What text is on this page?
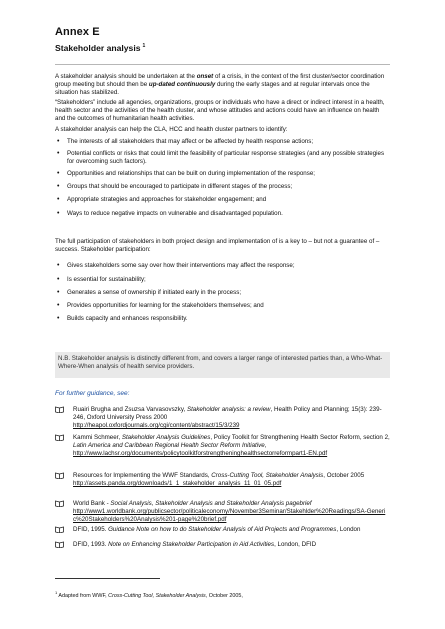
Annex E
Stakeholder analysis $^1$

A stakeholder analysis should be undertaken at the onset of a crisis, in the context of the first cluster/sector coordination group meeting but should then be up-dated continuously during the early stages and at regular intervals once the situation has stabilized.

“Stakeholders” include all agencies, organizations, groups or individuals who have a direct or indirect interest in a health, health sector and the activities of the health cluster, and whose attitudes and actions could have an influence on health and the outcomes of humanitarian health activities.

A stakeholder analysis can help the CLA, HCC and health cluster partners to identify:

• The interests of all stakeholders that may affect or be affected by health response actions;
• Potential conflicts or risks that could limit the feasibility of particular response strategies (and any possible strategies for overcoming such factors).
• Opportunities and relationships that can be built on during implementation of the response;
• Groups that should be encouraged to participate in different stages of the process;
• Appropriate strategies and approaches for stakeholder engagement; and
• Ways to reduce negative impacts on vulnerable and disadvantaged population.

The full participation of stakeholders in both project design and implementation of is a key to – but not a guarantee of – success. Stakeholder participation:

• Gives stakeholders some say over how their interventions may affect the response;
• Is essential for sustainability;
• Generates a sense of ownership if initiated early in the process;
• Provides opportunities for learning for the stakeholders themselves; and
• Builds capacity and enhances responsibility.
N.B. Stakeholder analysis is distinctly different from, and covers a larger range of interested parties than, a Who-What-Where-When analysis of health service providers.
For further guidance, see:
Ruairi Brugha and Zsuzsa Varvasovszky, Stakeholder analysis: a review, Health Policy and Planning; 15(3): 239-246, Oxford University Press 2000
http://heapol.oxfordjournals.org/cgi/content/abstract/15/3/239
Kammi Schmeer, Stakeholder Analysis Guidelines, Policy Toolkit for Strengthening Health Sector Reform, section 2, Latin America and Caribbean Regional Health Sector Reform Initiative,
http://www.lachsr.org/documents/policytoolkitforstrengtheninghealthsectorreformpart1-EN.pdf
Resources for Implementing the WWF Standards, Cross-Cutting Tool, Stakeholder Analysis, October 2005
http://assets.panda.org/downloads/1_1_stakeholder_analysis_11_01_05.pdf
World Bank - Social Analysis, Stakeholder Analysis and Stakeholder Analysis pagebrief
http://www1.worldbank.org/publicsector/politicaleconomy/November3Seminar/Stakehlder%20Readings/SA-Generic%20Stakeholders%20Analysis%201-page%20brief.pdf
DFID, 1995. Guidance Note on how to do Stakeholder Analysis of Aid Projects and Programmes, London
DFID, 1993. Note on Enhancing Stakeholder Participation in Aid Activities, London, DFID
$^1$ Adapted from WWF, Cross-Cutting Tool, Stakeholder Analysis, October 2005,
